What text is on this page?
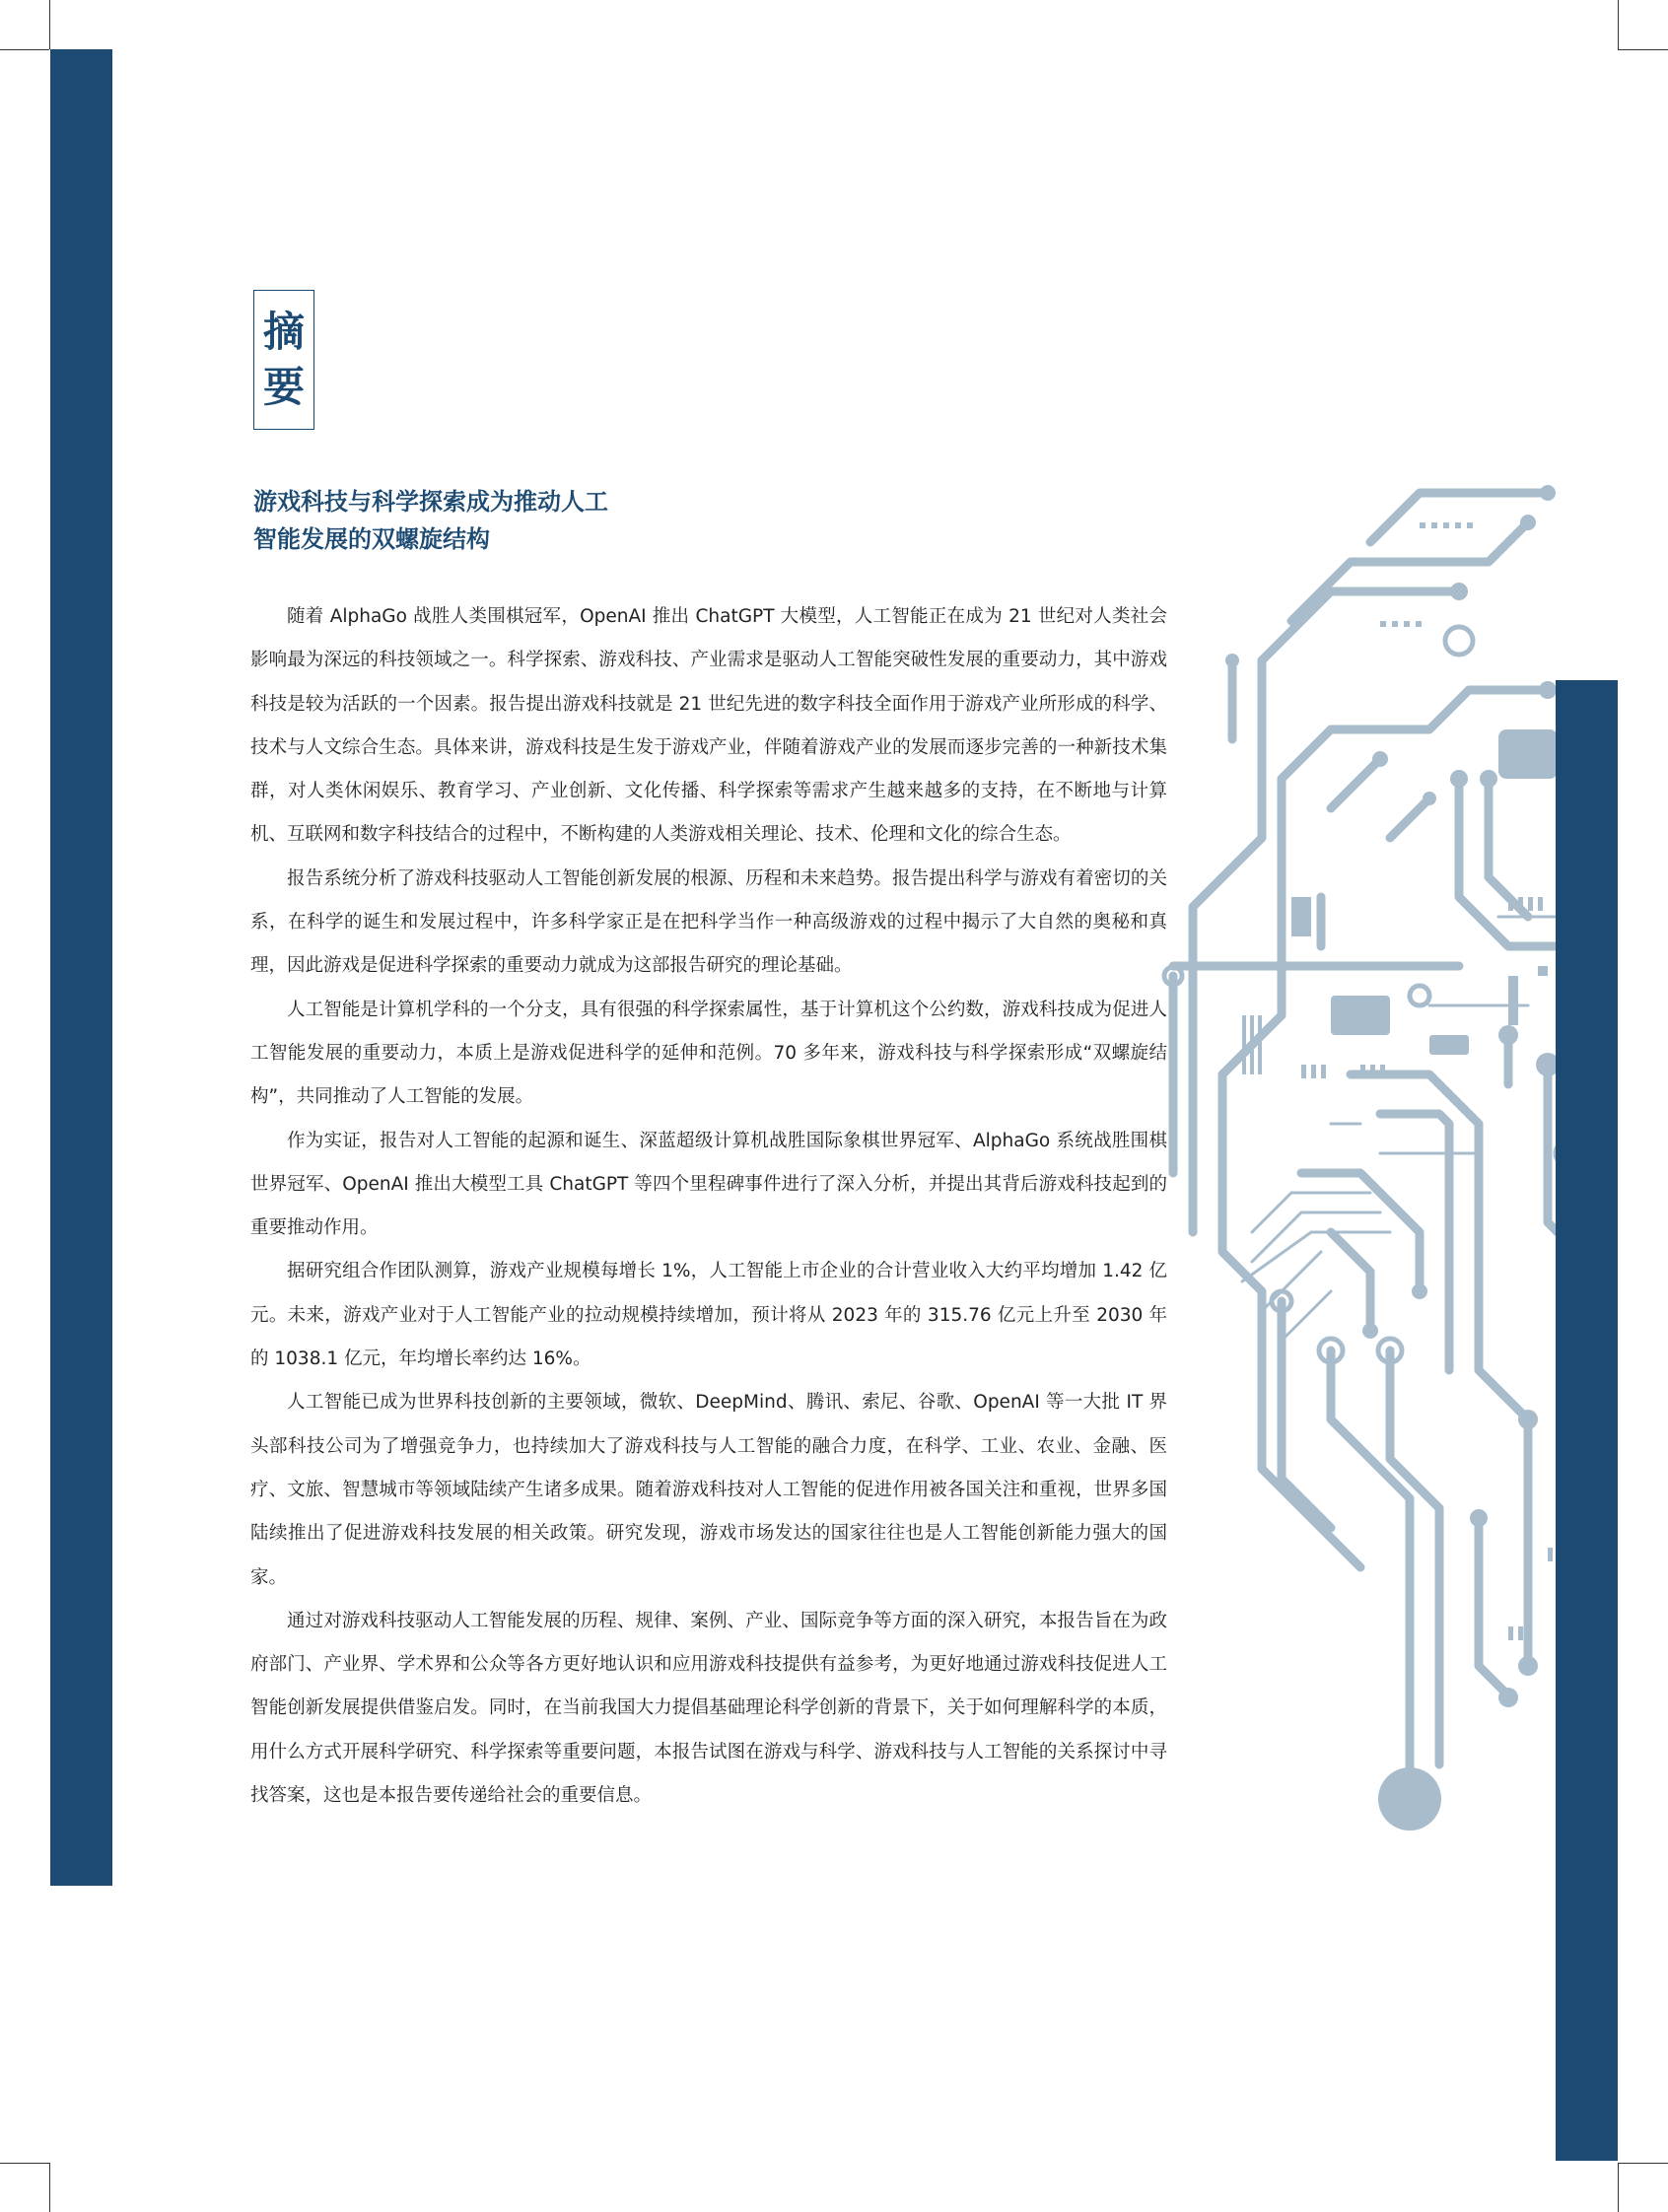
摘
要
游戏科技与科学探索成为推动人工
智能发展的双螺旋结构

随着 AlphaGo 战胜人类围棋冠军，OpenAI 推出 ChatGPT 大模型，人工智能正在成为 21 世纪对人类社会影响最为深远的科技领域之一。科学探索、游戏科技、产业需求是驱动人工智能突破性发展的重要动力，其中游戏科技是较为活跃的一个因素。报告提出游戏科技就是 21 世纪先进的数字科技全面作用于游戏产业所形成的科学、技术与人文综合生态。具体来讲，游戏科技是生发于游戏产业，伴随着游戏产业的发展而逐步完善的一种新技术集群，对人类休闲娱乐、教育学习、产业创新、文化传播、科学探索等需求产生越来越多的支持，在不断地与计算机、互联网和数字科技结合的过程中，不断构建的人类游戏相关理论、技术、伦理和文化的综合生态。

报告系统分析了游戏科技驱动人工智能创新发展的根源、历程和未来趋势。报告提出科学与游戏有着密切的关系，在科学的诞生和发展过程中，许多科学家正是在把科学当作一种高级游戏的过程中揭示了大自然的奥秘和真理，因此游戏是促进科学探索的重要动力就成为这部报告研究的理论基础。

人工智能是计算机学科的一个分支，具有很强的科学探索属性，基于计算机这个公约数，游戏科技成为促进人工智能发展的重要动力，本质上是游戏促进科学的延伸和范例。70 多年来，游戏科技与科学探索形成“双螺旋结构”，共同推动了人工智能的发展。

作为实证，报告对人工智能的起源和诞生、深蓝超级计算机战胜国际象棋世界冠军、AlphaGo 系统战胜围棋世界冠军、OpenAI 推出大模型工具 ChatGPT 等四个里程碑事件进行了深入分析，并提出其背后游戏科技起到的重要推动作用。

据研究组合作团队测算，游戏产业规模每增长 1%，人工智能上市企业的合计营业收入大约平均增加 1.42 亿元。未来，游戏产业对于人工智能产业的拉动规模持续增加，预计将从 2023 年的 315.76 亿元上升至 2030 年的 1038.1 亿元，年均增长率约达 16%。

人工智能已成为世界科技创新的主要领域，微软、DeepMind、腾讯、索尼、谷歌、OpenAI 等一大批 IT 界头部科技公司为了增强竞争力，也持续加大了游戏科技与人工智能的融合力度，在科学、工业、农业、金融、医疗、文旅、智慧城市等领域陆续产生诸多成果。随着游戏科技对人工智能的促进作用被各国关注和重视，世界多国陆续推出了促进游戏科技发展的相关政策。研究发现，游戏市场发达的国家往往也是人工智能创新能力强大的国家。

通过对游戏科技驱动人工智能发展的历程、规律、案例、产业、国际竞争等方面的深入研究，本报告旨在为政府部门、产业界、学术界和公众等各方更好地认识和应用游戏科技提供有益参考，为更好地通过游戏科技促进人工智能创新发展提供借鉴启发。同时，在当前我国大力提倡基础理论科学创新的背景下，关于如何理解科学的本质，用什么方式开展科学研究、科学探索等重要问题，本报告试图在游戏与科学、游戏科技与人工智能的关系探讨中寻找答案，这也是本报告要传递给社会的重要信息。
